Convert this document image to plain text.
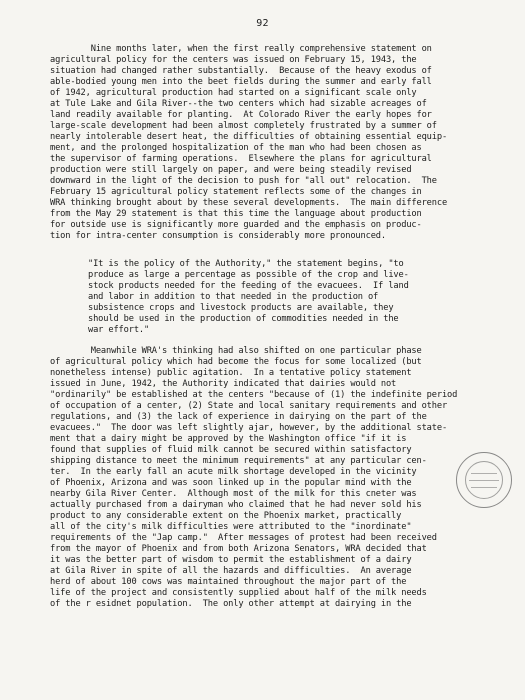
92

Nine months later, when the first really comprehensive statement on
agricultural policy for the centers was issued on February 15, 1943, the
situation had changed rather substantially.  Because of the heavy exodus of
able-bodied young men into the beet fields during the summer and early fall
of 1942, agricultural production had started on a significant scale only
at Tule Lake and Gila River--the two centers which had sizable acreages of
land readily available for planting.  At Colorado River the early hopes for
large-scale development had been almost completely frustrated by a summer of
nearly intolerable desert heat, the difficulties of obtaining essential equip-
ment, and the prolonged hospitalization of the man who had been chosen as
the supervisor of farming operations.  Elsewhere the plans for agricultural
production were still largely on paper, and were being steadily revised
downward in the light of the decision to push for "all out" relocation.  The
February 15 agricultural policy statement reflects some of the changes in
WRA thinking brought about by these several developments.  The main difference
from the May 29 statement is that this time the language about production
for outside use is significantly more guarded and the emphasis on produc-
tion for intra-center consumption is considerably more pronounced.

"It is the policy of the Authority," the statement begins, "to
produce as large a percentage as possible of the crop and live-
stock products needed for the feeding of the evacuees.  If land
and labor in addition to that needed in the production of
subsistence crops and livestock products are available, they
should be used in the production of commodities needed in the
war effort."

Meanwhile WRA's thinking had also shifted on one particular phase
of agricultural policy which had become the focus for some localized (but
nonetheless intense) public agitation.  In a tentative policy statement
issued in June, 1942, the Authority indicated that dairies would not
"ordinarily" be established at the centers "because of (1) the indefinite period
of occupation of a center, (2) State and local sanitary requirements and other
regulations, and (3) the lack of experience in dairying on the part of the
evacuees."  The door was left slightly ajar, however, by the additional state-
ment that a dairy might be approved by the Washington office "if it is
found that supplies of fluid milk cannot be secured within satisfactory
shipping distance to meet the minimum requirements" at any particular cen-
ter.  In the early fall an acute milk shortage developed in the vicinity
of Phoenix, Arizona and was soon linked up in the popular mind with the
nearby Gila River Center.  Although most of the milk for this cneter was
actually purchased from a dairyman who claimed that he had never sold his
product to any considerable extent on the Phoenix market, practically
all of the city's milk difficulties were attributed to the "inordinate"
requirements of the "Jap camp."  After messages of protest had been received
from the mayor of Phoenix and from both Arizona Senators, WRA decided that
it was the better part of wisdom to permit the establishment of a dairy
at Gila River in spite of all the hazards and difficulties.  An average
herd of about 100 cows was maintained throughout the major part of the
life of the project and consistently supplied about half of the milk needs
of the r esidnet population.  The only other attempt at dairying in the
